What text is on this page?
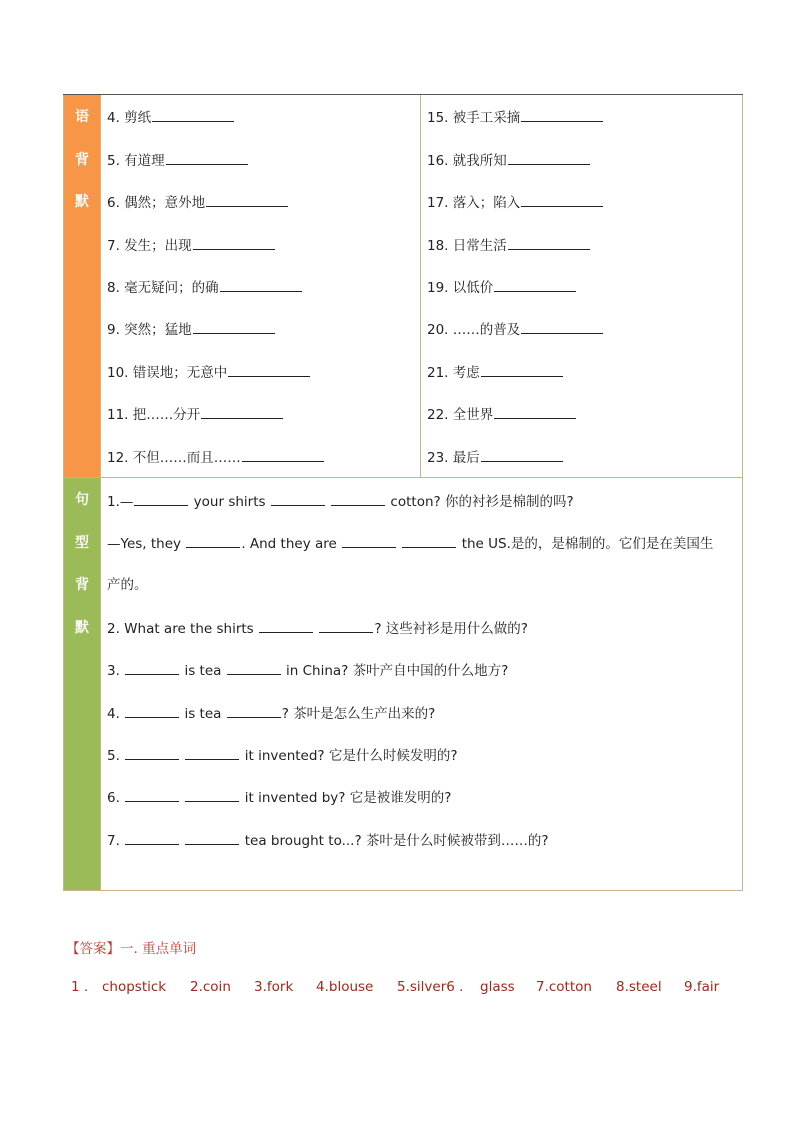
语
背
默
4. 剪纸
5. 有道理
6. 偶然；意外地
7. 发生；出现
8. 毫无疑问；的确
9. 突然；猛地
10. 错误地；无意中
11. 把……分开
12. 不但……而且……
15. 被手工采摘
16. 就我所知
17. 落入；陷入
18. 日常生活
19. 以低价
20. ……的普及
21. 考虑
22. 全世界
23. 最后
句
型
背
默
1.—	your shirts	cotton? 你的衬衫是棉制的吗?
—Yes, they	. And they are	the US.是的，是棉制的。它们是在美国生
产的。
2. What are the shirts	? 这些衬衫是用什么做的?
3.	is tea	in China? 茶叶产自中国的什么地方?
4.	is tea	? 茶叶是怎么生产出来的?
5.	it invented? 它是什么时候发明的?
6.	it invented by? 它是被谁发明的?
7.	tea brought to...? 茶叶是什么时候被带到……的?
【答案】一. 重点单词
1 . chopstick 2.coin 3.fork 4.blouse 5.silver6 . glass 7.cotton 8.steel 9.fair
